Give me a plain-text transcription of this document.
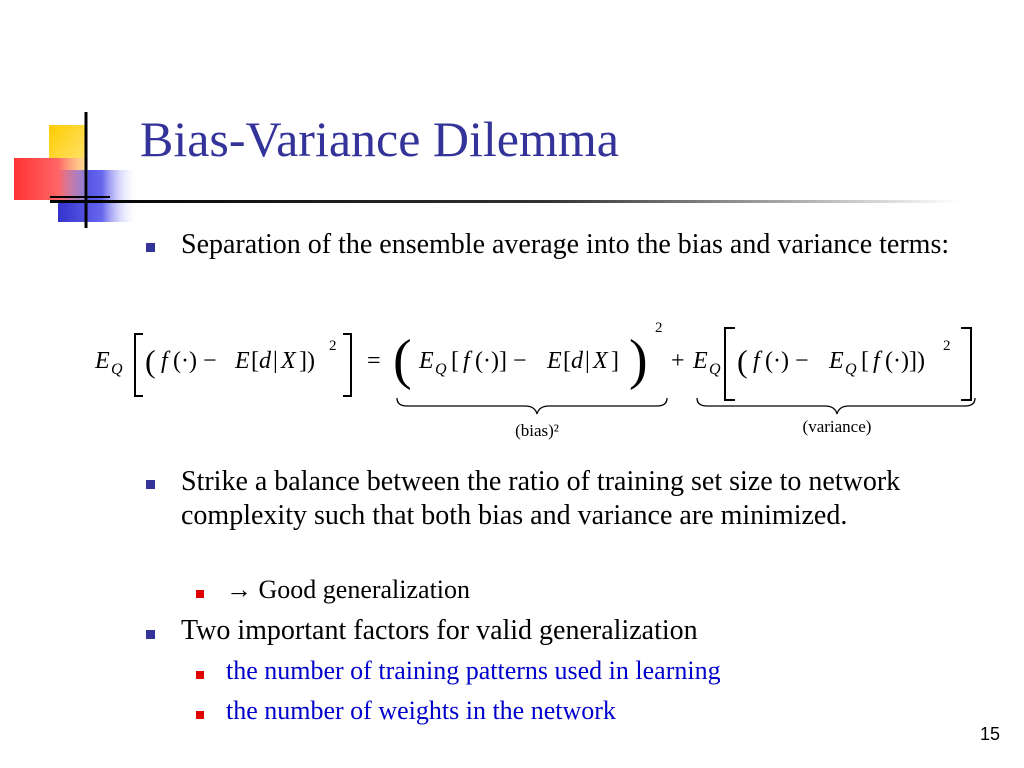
Bias-Variance Dilemma
Separation of the ensemble average into the bias and variance terms:
E Q ( f (·) − E [ d | X ])
2
= ( E Q [ f (·)] − E [ d | X ] )
2
+ E Q ( f (·) − E Q [ f (·)])
2
(bias)²	(variance)
Strike a balance between the ratio of training set size to network complexity such that both bias and variance are minimized.
→ Good generalization
Two important factors for valid generalization
the number of training patterns used in learning
the number of weights in the network
15
